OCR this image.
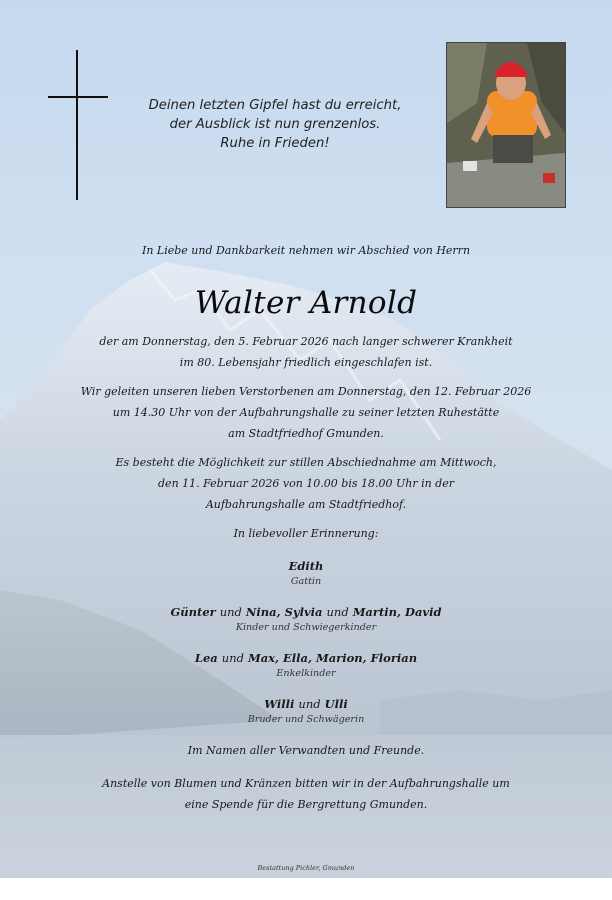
Deinen letzten Gipfel hast du erreicht,
der Ausblick ist nun grenzenlos.
Ruhe in Frieden!
In Liebe und Dankbarkeit nehmen wir Abschied von Herrn
Walter Arnold
der am Donnerstag, den 5. Februar 2026 nach langer schwerer Krankheit
im 80. Lebensjahr friedlich eingeschlafen ist.
Wir geleiten unseren lieben Verstorbenen am Donnerstag, den 12. Februar 2026
um 14.30 Uhr von der Aufbahrungshalle zu seiner letzten Ruhestätte
am Stadtfriedhof Gmunden.
Es besteht die Möglichkeit zur stillen Abschiednahme am Mittwoch,
den 11. Februar 2026 von 10.00 bis 18.00 Uhr in der
Aufbahrungshalle am Stadtfriedhof.
In liebevoller Erinnerung:
Edith
Gattin
Günter und Nina, Sylvia und Martin, David
Kinder und Schwiegerkinder
Lea und Max, Ella, Marion, Florian
Enkelkinder
Willi und Ulli
Bruder und Schwägerin
Im Namen aller Verwandten und Freunde.
Anstelle von Blumen und Kränzen bitten wir in der Aufbahrungshalle um
eine Spende für die Bergrettung Gmunden.
Bestattung Pichler, Gmunden
